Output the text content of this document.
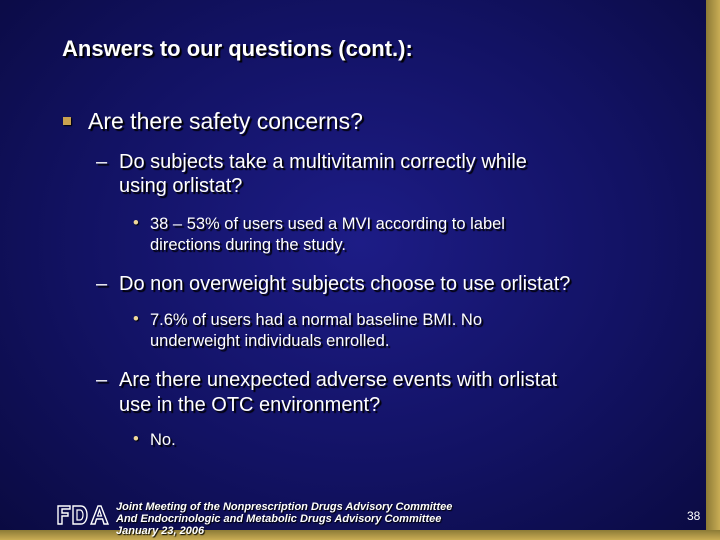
Answers to our questions (cont.):
Are there safety concerns?
– Do subjects take a multivitamin correctly while
using orlistat?
• 38 – 53% of users used a MVI according to label
directions during the study.
– Do non overweight subjects choose to use orlistat?
• 7.6% of users had a normal baseline BMI. No
underweight individuals enrolled.
– Are there unexpected adverse events with orlistat
use in the OTC environment?
• No.
Joint Meeting of the Nonprescription Drugs Advisory Committee
And Endocrinologic and Metabolic Drugs Advisory Committee
January 23, 2006
38
